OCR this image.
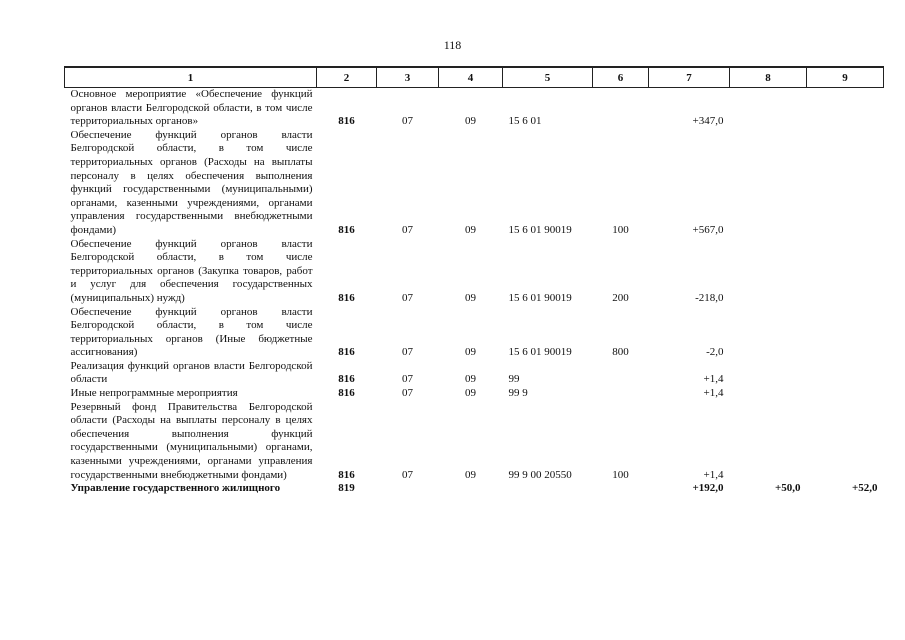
118
1	2	3	4	5	6	7	8	9
Основное мероприятие «Обеспечение функций органов власти Белгородской области, в том числе территориальных органов»	816	07	09	15 6 01		+347,0		
Обеспечение функций органов власти Белгородской области, в том числе территориальных органов (Расходы на выплаты персоналу в целях обеспечения выполнения функций государственными (муниципальными) органами, казенными учреждениями, органами управления государственными внебюджетными фондами)	816	07	09	15 6 01 90019	100	+567,0		
Обеспечение функций органов власти Белгородской области, в том числе территориальных органов (Закупка товаров, работ и услуг для обеспечения государственных (муниципальных) нужд)	816	07	09	15 6 01 90019	200	-218,0		
Обеспечение функций органов власти Белгородской области, в том числе территориальных органов (Иные бюджетные ассигнования)	816	07	09	15 6 01 90019	800	-2,0		
Реализация функций органов власти Белгородской области	816	07	09	99		+1,4		
Иные непрограммные мероприятия	816	07	09	99 9		+1,4		
Резервный фонд Правительства Белгородской области (Расходы на выплаты персоналу в целях обеспечения выполнения функций государственными (муниципальными) органами, казенными учреждениями, органами управления государственными внебюджетными фондами)	816	07	09	99 9 00 20550	100	+1,4		
Управление государственного жилищного	819					+192,0	+50,0	+52,0
